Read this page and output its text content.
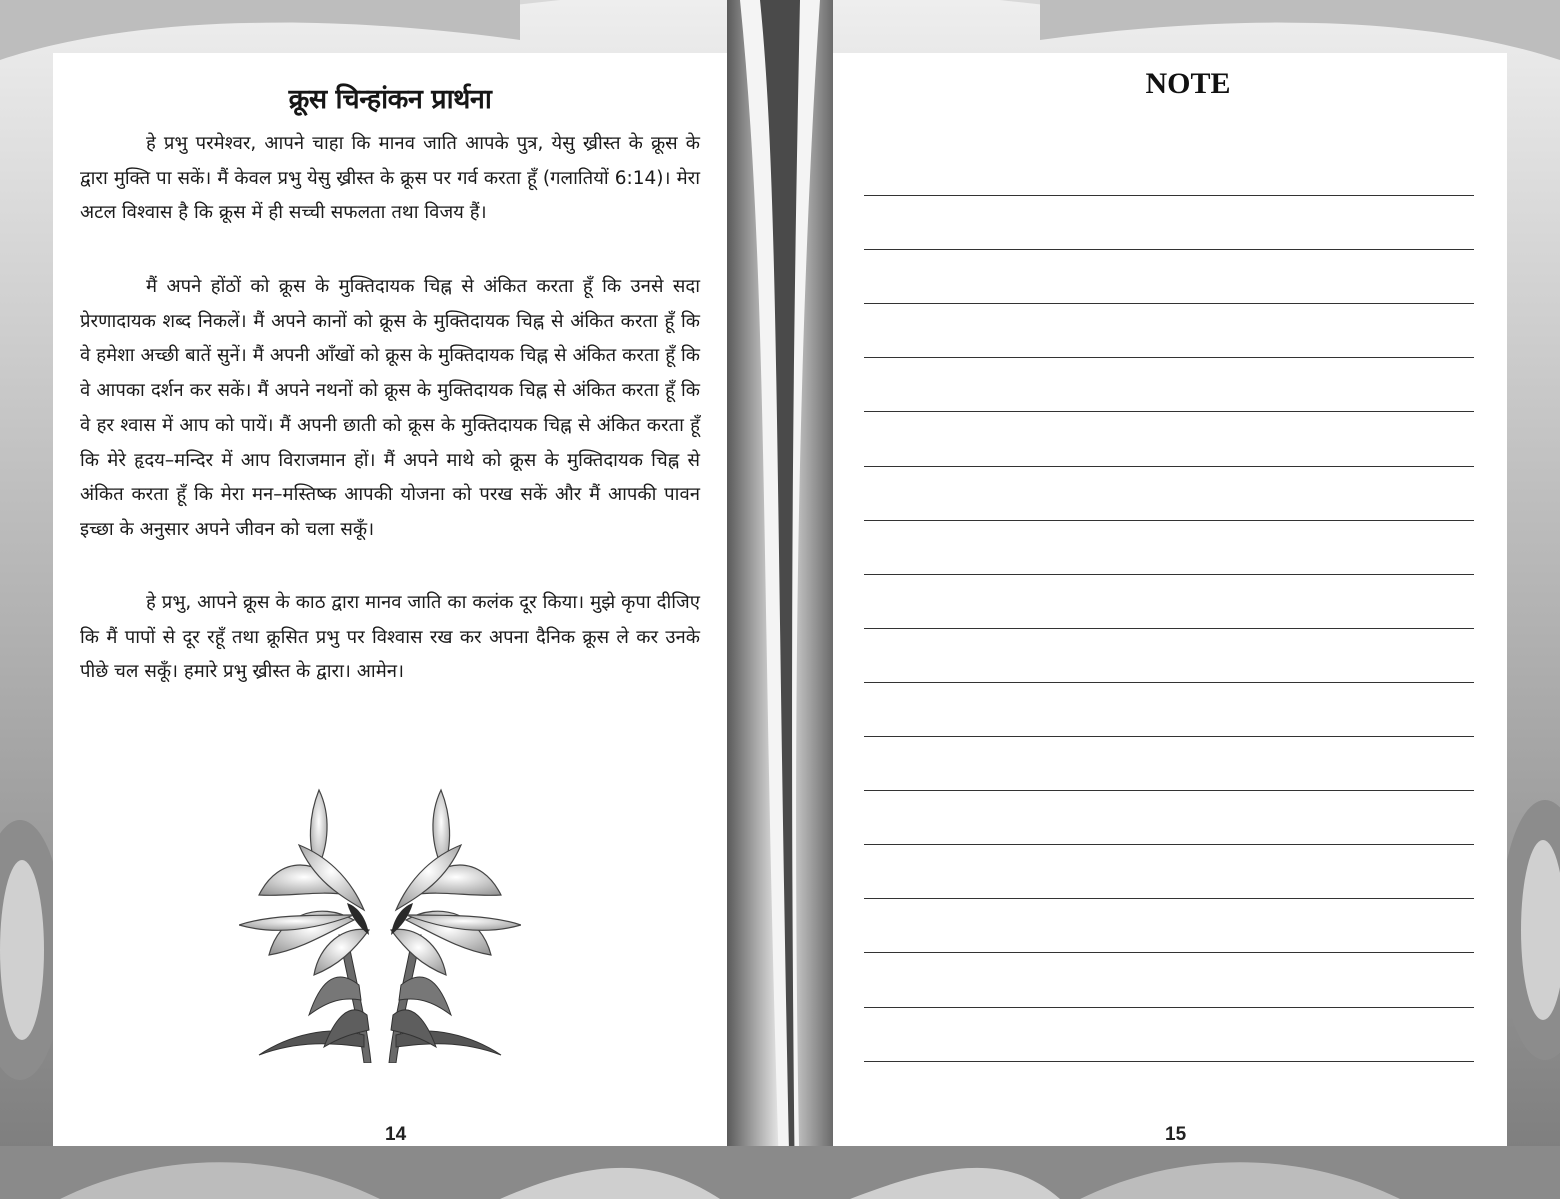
क्रूस चिन्हांकन प्रार्थना

हे प्रभु परमेश्वर, आपने चाहा कि मानव जाति आपके पुत्र, येसु ख्रीस्त के क्रूस के द्वारा मुक्ति पा सकें। मैं केवल प्रभु येसु ख्रीस्त के क्रूस पर गर्व करता हूँ (गलातियों 6:14)। मेरा अटल विश्वास है कि क्रूस में ही सच्ची सफलता तथा विजय हैं।

मैं अपने होंठों को क्रूस के मुक्तिदायक चिह्न से अंकित करता हूँ कि उनसे सदा प्रेरणादायक शब्द निकलें। मैं अपने कानों को क्रूस के मुक्तिदायक चिह्न से अंकित करता हूँ कि वे हमेशा अच्छी बातें सुनें। मैं अपनी आँखों को क्रूस के मुक्तिदायक चिह्न से अंकित करता हूँ कि वे आपका दर्शन कर सकें। मैं अपने नथनों को क्रूस के मुक्तिदायक चिह्न से अंकित करता हूँ कि वे हर श्वास में आप को पायें। मैं अपनी छाती को क्रूस के मुक्तिदायक चिह्न से अंकित करता हूँ कि मेरे हृदय–मन्दिर में आप विराजमान हों। मैं अपने माथे को क्रूस के मुक्तिदायक चिह्न से अंकित करता हूँ कि मेरा मन–मस्तिष्क आपकी योजना को परख सकें और मैं आपकी पावन इच्छा के अनुसार अपने जीवन को चला सकूँ।

हे प्रभु, आपने क्रूस के काठ द्वारा मानव जाति का कलंक दूर किया। मुझे कृपा दीजिए कि मैं पापों से दूर रहूँ तथा क्रूसित प्रभु पर विश्वास रख कर अपना दैनिक क्रूस ले कर उनके पीछे चल सकूँ। हमारे प्रभु ख्रीस्त के द्वारा। आमेन।

14
NOTE
15
